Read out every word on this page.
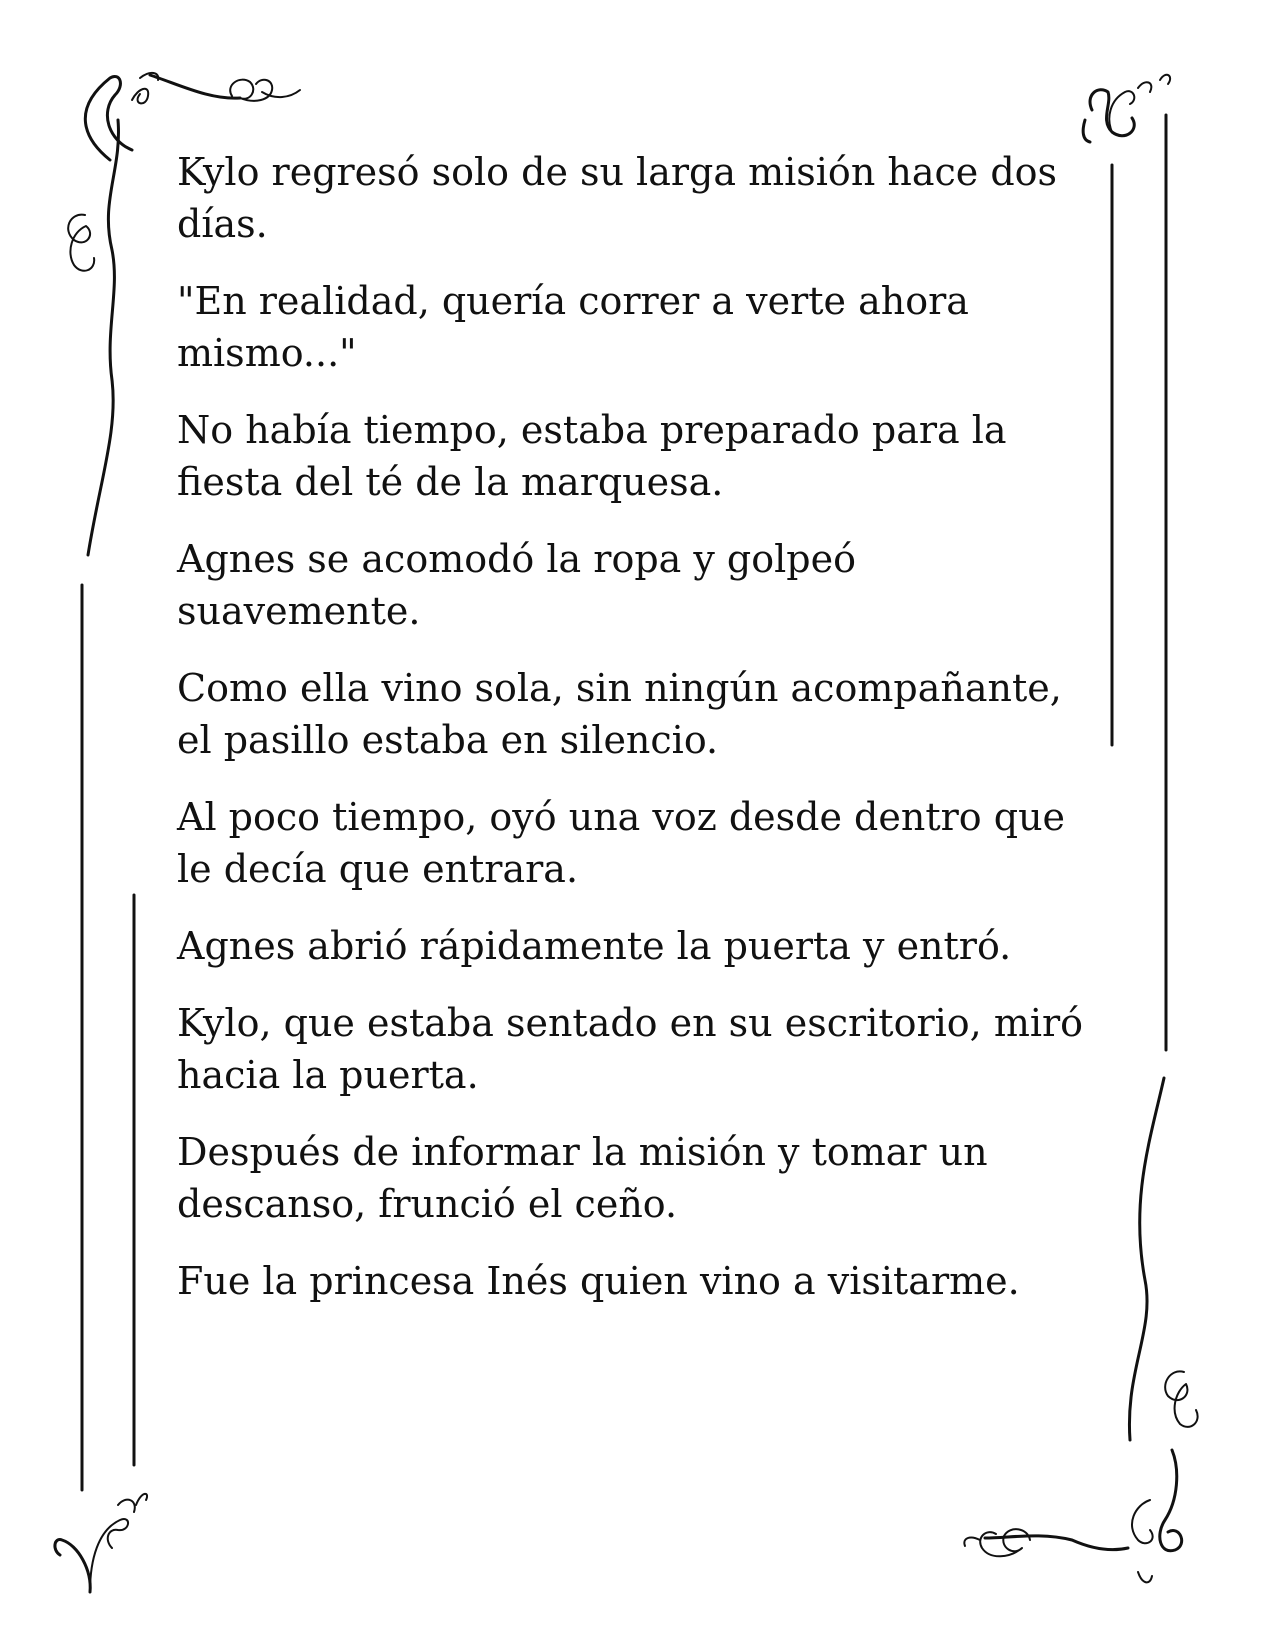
Kylo regresó solo de su larga misión hace dos días.

"En realidad, quería correr a verte ahora mismo..."

No había tiempo, estaba preparado para la fiesta del té de la marquesa.

Agnes se acomodó la ropa y golpeó suavemente.

Como ella vino sola, sin ningún acompañante, el pasillo estaba en silencio.

Al poco tiempo, oyó una voz desde dentro que le decía que entrara.

Agnes abrió rápidamente la puerta y entró.

Kylo, que estaba sentado en su escritorio, miró hacia la puerta.

Después de informar la misión y tomar un descanso, frunció el ceño.

Fue la princesa Inés quien vino a visitarme.
